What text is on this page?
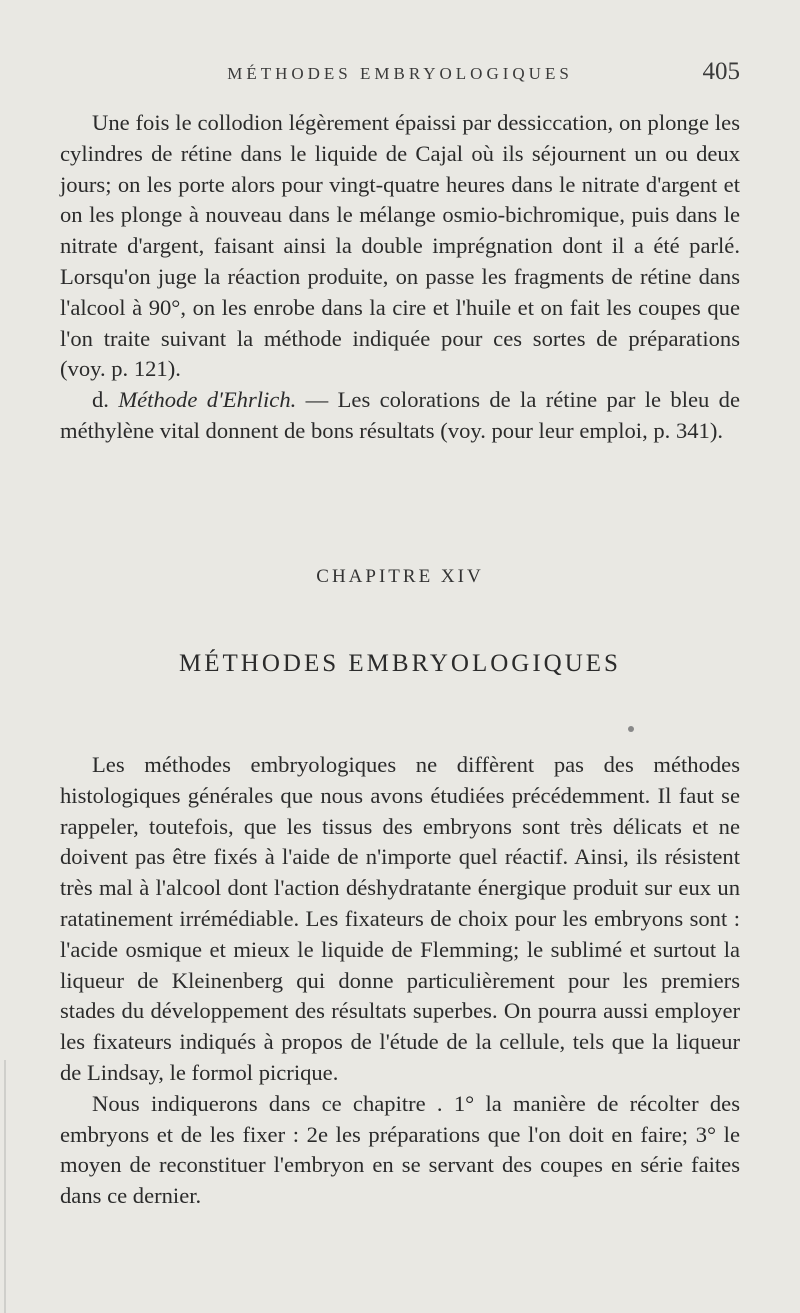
MÉTHODES EMBRYOLOGIQUES	405

Une fois le collodion légèrement épaissi par dessiccation, on plonge les cylindres de rétine dans le liquide de Cajal où ils séjournent un ou deux jours; on les porte alors pour vingt-quatre heures dans le nitrate d'argent et on les plonge à nouveau dans le mélange osmio-bichromique, puis dans le nitrate d'argent, faisant ainsi la double imprégnation dont il a été parlé. Lorsqu'on juge la réaction produite, on passe les fragments de rétine dans l'alcool à 90°, on les enrobe dans la cire et l'huile et on fait les coupes que l'on traite suivant la méthode indiquée pour ces sortes de préparations (voy. p. 121).

d. Méthode d'Ehrlich. — Les colorations de la rétine par le bleu de méthylène vital donnent de bons résultats (voy. pour leur emploi, p. 341).

CHAPITRE XIV
MÉTHODES EMBRYOLOGIQUES

Les méthodes embryologiques ne diffèrent pas des méthodes histologiques générales que nous avons étudiées précédemment. Il faut se rappeler, toutefois, que les tissus des embryons sont très délicats et ne doivent pas être fixés à l'aide de n'importe quel réactif. Ainsi, ils résistent très mal à l'alcool dont l'action déshydratante énergique produit sur eux un ratatinement irrémédiable. Les fixateurs de choix pour les embryons sont : l'acide osmique et mieux le liquide de Flemming; le sublimé et surtout la liqueur de Kleinenberg qui donne particulièrement pour les premiers stades du développement des résultats superbes. On pourra aussi employer les fixateurs indiqués à propos de l'étude de la cellule, tels que la liqueur de Lindsay, le formol picrique.

Nous indiquerons dans ce chapitre . 1° la manière de récolter des embryons et de les fixer : 2e les préparations que l'on doit en faire; 3° le moyen de reconstituer l'embryon en se servant des coupes en série faites dans ce dernier.
